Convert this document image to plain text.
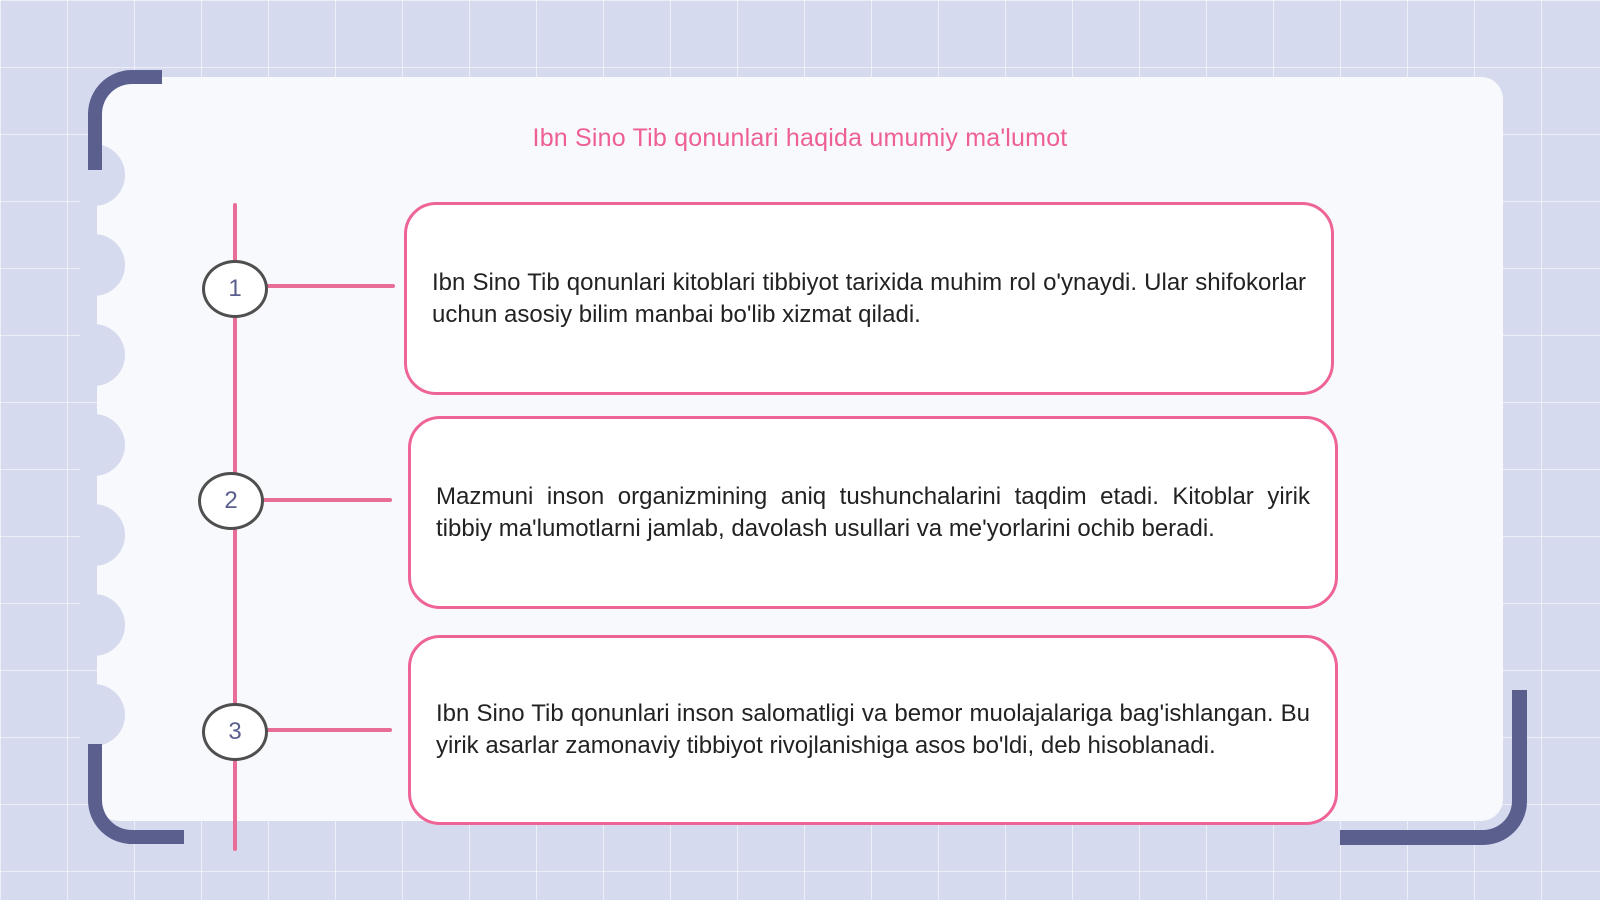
Ibn Sino Tib qonunlari haqida umumiy ma'lumot
1
2
3
Ibn Sino Tib qonunlari kitoblari tibbiyot tarixida muhim rol o'ynaydi. Ular shifokorlar uchun asosiy bilim manbai bo'lib xizmat qiladi.
Mazmuni inson organizmining aniq tushunchalarini taqdim etadi. Kitoblar yirik tibbiy ma'lumotlarni jamlab, davolash usullari va me'yorlarini ochib beradi.
Ibn Sino Tib qonunlari inson salomatligi va bemor muolajalariga bag'ishlangan. Bu yirik asarlar zamonaviy tibbiyot rivojlanishiga asos bo'ldi, deb hisoblanadi.
